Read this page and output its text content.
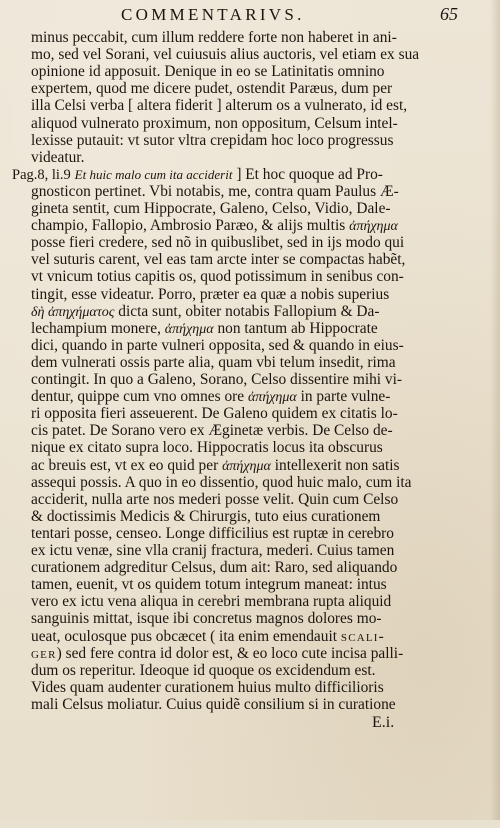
COMMENTARIVS.	65
minus peccabit, cum illum reddere forte non haberet in ani-
mo, sed vel Sorani, vel cuiusuis alius auctoris, vel etiam ex sua
opinione id apposuit. Denique in eo se Latinitatis omnino
expertem, quod me dicere pudet, ostendit Paræus, dum per
illa Celsi verba [ altera fiderit ] alterum os a vulnerato, id est,
aliquod vulnerato proximum, non oppositum, Celsum intel-
lexisse putauit: vt sutor vltra crepidam hoc loco progressus
videatur.
Pag.8, li.9 Et huic malo cum ita acciderit ] Et hoc quoque ad Pro-
gnosticon pertinet. Vbi notabis, me, contra quam Paulus Æ-
gineta sentit, cum Hippocrate, Galeno, Celso, Vidio, Dale-
champio, Fallopio, Ambrosio Paræo, & alijs multis ἀπήχημα
posse fieri credere, sed nõ in quibuslibet, sed in ijs modo qui
vel suturis carent, vel eas tam arcte inter se compactas habẽt,
vt vnicum totius capitis os, quod potissimum in senibus con-
tingit, esse videatur. Porro, præter ea quæ a nobis superius
δὴ ἀπηχήματος dicta sunt, obiter notabis Fallopium & Da-
lechampium monere, ἀπήχημα non tantum ab Hippocrate
dici, quando in parte vulneri opposita, sed & quando in eius-
dem vulnerati ossis parte alia, quam vbi telum insedit, rima
contingit. In quo a Galeno, Sorano, Celso dissentire mihi vi-
dentur, quippe cum vno omnes ore ἀπήχημα in parte vulne-
ri opposita fieri asseuerent. De Galeno quidem ex citatis lo-
cis patet. De Sorano vero ex Æginetæ verbis. De Celso de-
nique ex citato supra loco. Hippocratis locus ita obscurus
ac breuis est, vt ex eo quid per ἀπήχημα intellexerit non satis
assequi possis. A quo in eo dissentio, quod huic malo, cum ita
acciderit, nulla arte nos mederi posse velit. Quin cum Celso
& doctissimis Medicis & Chirurgis, tuto eius curationem
tentari posse, censeo. Longe difficilius est ruptæ in cerebro
ex ictu venæ, sine vlla cranij fractura, mederi. Cuius tamen
curationem adgreditur Celsus, dum ait: Raro, sed aliquando
tamen, euenit, vt os quidem totum integrum maneat: intus
vero ex ictu vena aliqua in cerebri membrana rupta aliquid
sanguinis mittat, isque ibi concretus magnos dolores mo-
ueat, oculosque pus obcæcet ( ita enim emendauit SCALI-
GER) sed fere contra id dolor est, & eo loco cute incisa palli-
dum os reperitur. Ideoque id quoque os excidendum est.
Vides quam audenter curationem huius multo difficilioris
mali Celsus moliatur. Cuius quidẽ consilium si in curatione
E.i.
